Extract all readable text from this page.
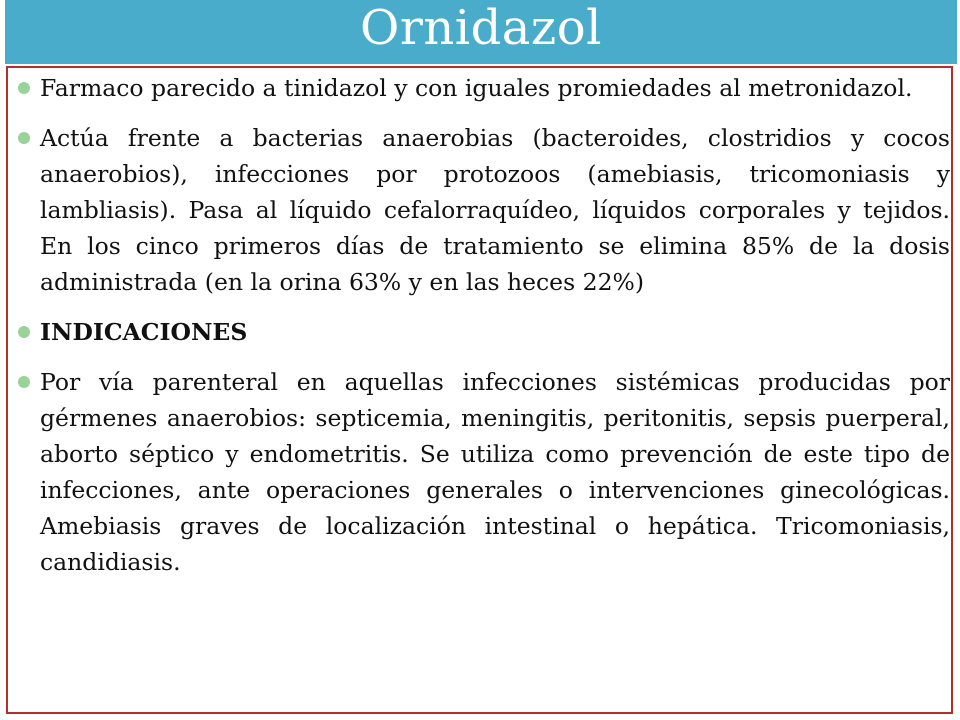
Ornidazol
Farmaco parecido a tinidazol y con iguales promiedades al metronidazol.
Actúa frente a bacterias anaerobias (bacteroides, clostridios y cocos anaerobios), infecciones por protozoos (amebiasis, tricomoniasis y lambliasis). Pasa al líquido cefalorraquídeo, líquidos corporales y tejidos. En los cinco primeros días de tratamiento se elimina 85% de la dosis administrada (en la orina 63% y en las heces 22%)
INDICACIONES
Por vía parenteral en aquellas infecciones sistémicas producidas por gérmenes anaerobios: septicemia, meningitis, peritonitis, sepsis puerperal, aborto séptico y endometritis. Se utiliza como prevención de este tipo de infecciones, ante operaciones generales o intervenciones ginecológicas. Amebiasis graves de localización intestinal o hepática. Tricomoniasis, candidiasis.
